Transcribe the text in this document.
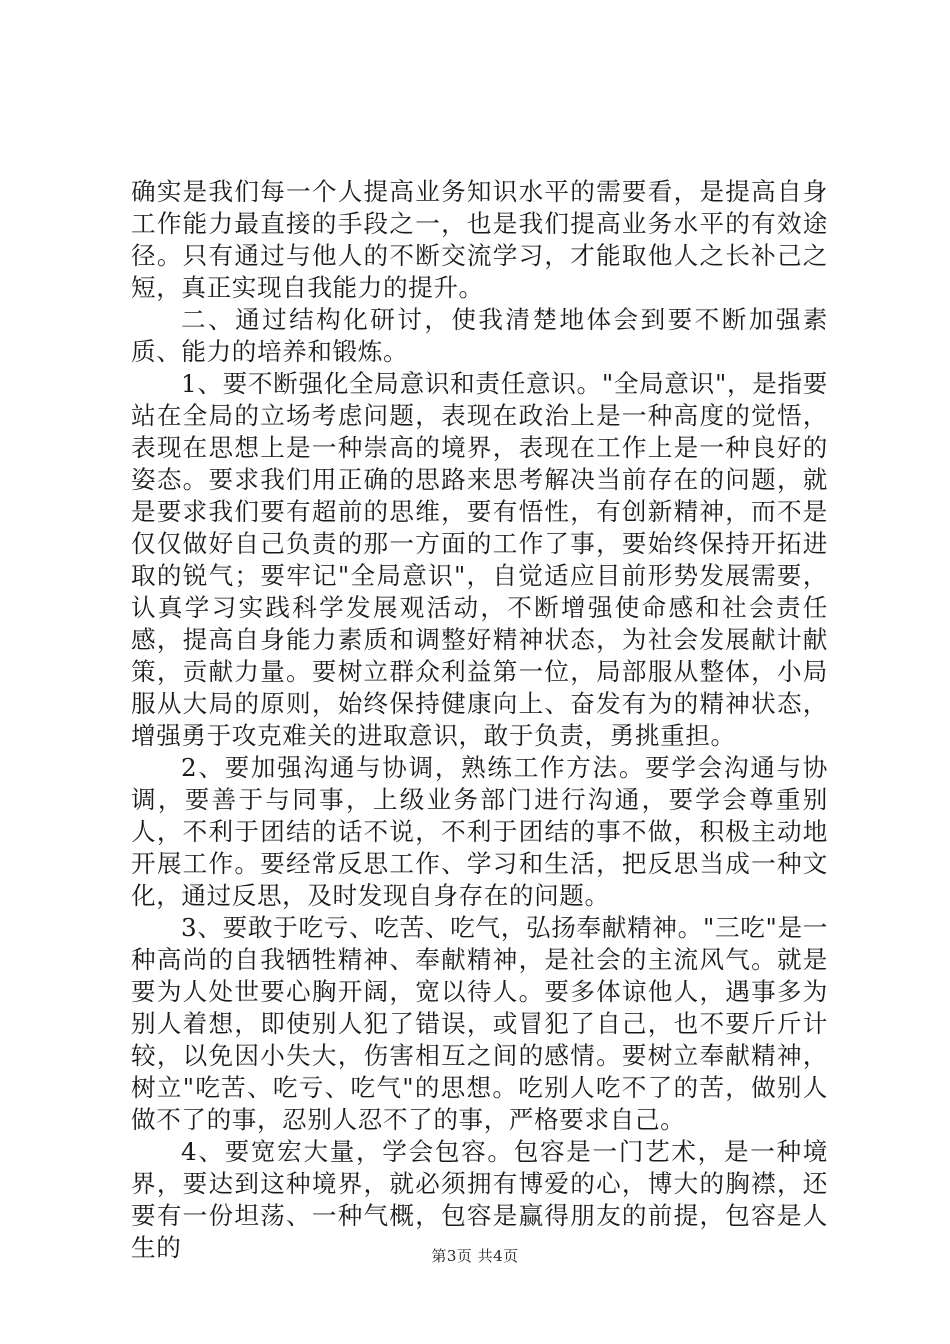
确实是我们每一个人提高业务知识水平的需要看，是提高自身工作能力最直接的手段之一，也是我们提高业务水平的有效途径。只有通过与他人的不断交流学习，才能取他人之长补己之短，真正实现自我能力的提升。

二、通过结构化研讨，使我清楚地体会到要不断加强素质、能力的培养和锻炼。

1、要不断强化全局意识和责任意识。"全局意识"，是指要站在全局的立场考虑问题，表现在政治上是一种高度的觉悟，表现在思想上是一种崇高的境界，表现在工作上是一种良好的姿态。要求我们用正确的思路来思考解决当前存在的问题，就是要求我们要有超前的思维，要有悟性，有创新精神，而不是仅仅做好自己负责的那一方面的工作了事，要始终保持开拓进取的锐气；要牢记"全局意识"，自觉适应目前形势发展需要，认真学习实践科学发展观活动，不断增强使命感和社会责任感，提高自身能力素质和调整好精神状态，为社会发展献计献策，贡献力量。要树立群众利益第一位，局部服从整体，小局服从大局的原则，始终保持健康向上、奋发有为的精神状态，增强勇于攻克难关的进取意识，敢于负责，勇挑重担。

2、要加强沟通与协调，熟练工作方法。要学会沟通与协调，要善于与同事，上级业务部门进行沟通，要学会尊重别人，不利于团结的话不说，不利于团结的事不做，积极主动地开展工作。要经常反思工作、学习和生活，把反思当成一种文化，通过反思，及时发现自身存在的问题。

3、要敢于吃亏、吃苦、吃气，弘扬奉献精神。"三吃"是一种高尚的自我牺牲精神、奉献精神，是社会的主流风气。就是要为人处世要心胸开阔，宽以待人。要多体谅他人，遇事多为别人着想，即使别人犯了错误，或冒犯了自己，也不要斤斤计较，以免因小失大，伤害相互之间的感情。要树立奉献精神，树立"吃苦、吃亏、吃气"的思想。吃别人吃不了的苦，做别人做不了的事，忍别人忍不了的事，严格要求自己。

4、要宽宏大量，学会包容。包容是一门艺术，是一种境界，要达到这种境界，就必须拥有博爱的心，博大的胸襟，还要有一份坦荡、一种气概，包容是赢得朋友的前提，包容是人生的	第3页 共4页
